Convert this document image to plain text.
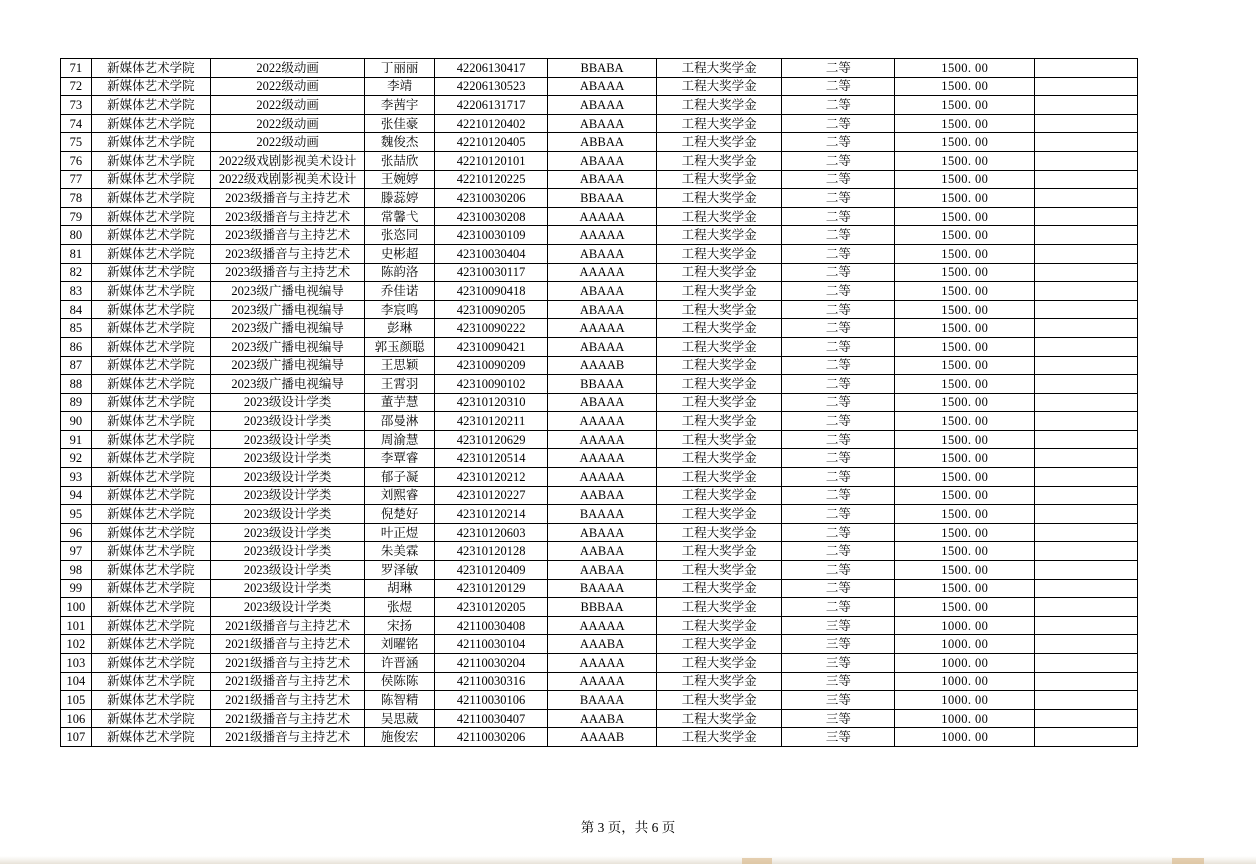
71	新媒体艺术学院	2022级动画	丁丽丽	42206130417	BBABA	工程大奖学金	二等	1500. 00	
72	新媒体艺术学院	2022级动画	李靖	42206130523	ABAAA	工程大奖学金	二等	1500. 00	
73	新媒体艺术学院	2022级动画	李茜宇	42206131717	ABAAA	工程大奖学金	二等	1500. 00	
74	新媒体艺术学院	2022级动画	张佳豪	42210120402	ABAAA	工程大奖学金	二等	1500. 00	
75	新媒体艺术学院	2022级动画	魏俊杰	42210120405	ABBAA	工程大奖学金	二等	1500. 00	
76	新媒体艺术学院	2022级戏剧影视美术设计	张喆欣	42210120101	ABAAA	工程大奖学金	二等	1500. 00	
77	新媒体艺术学院	2022级戏剧影视美术设计	王婉婷	42210120225	ABAAA	工程大奖学金	二等	1500. 00	
78	新媒体艺术学院	2023级播音与主持艺术	滕蕊婷	42310030206	BBAAA	工程大奖学金	二等	1500. 00	
79	新媒体艺术学院	2023级播音与主持艺术	常馨弋	42310030208	AAAAA	工程大奖学金	二等	1500. 00	
80	新媒体艺术学院	2023级播音与主持艺术	张恣同	42310030109	AAAAA	工程大奖学金	二等	1500. 00	
81	新媒体艺术学院	2023级播音与主持艺术	史彬超	42310030404	ABAAA	工程大奖学金	二等	1500. 00	
82	新媒体艺术学院	2023级播音与主持艺术	陈韵洛	42310030117	AAAAA	工程大奖学金	二等	1500. 00	
83	新媒体艺术学院	2023级广播电视编导	乔佳诺	42310090418	ABAAA	工程大奖学金	二等	1500. 00	
84	新媒体艺术学院	2023级广播电视编导	李宸鸣	42310090205	ABAAA	工程大奖学金	二等	1500. 00	
85	新媒体艺术学院	2023级广播电视编导	彭琳	42310090222	AAAAA	工程大奖学金	二等	1500. 00	
86	新媒体艺术学院	2023级广播电视编导	郭玉颜聪	42310090421	ABAAA	工程大奖学金	二等	1500. 00	
87	新媒体艺术学院	2023级广播电视编导	王思颖	42310090209	AAAAB	工程大奖学金	二等	1500. 00	
88	新媒体艺术学院	2023级广播电视编导	王霄羽	42310090102	BBAAA	工程大奖学金	二等	1500. 00	
89	新媒体艺术学院	2023级设计学类	董芋慧	42310120310	ABAAA	工程大奖学金	二等	1500. 00	
90	新媒体艺术学院	2023级设计学类	邵曼淋	42310120211	AAAAA	工程大奖学金	二等	1500. 00	
91	新媒体艺术学院	2023级设计学类	周渝慧	42310120629	AAAAA	工程大奖学金	二等	1500. 00	
92	新媒体艺术学院	2023级设计学类	李覃睿	42310120514	AAAAA	工程大奖学金	二等	1500. 00	
93	新媒体艺术学院	2023级设计学类	郁子凝	42310120212	AAAAA	工程大奖学金	二等	1500. 00	
94	新媒体艺术学院	2023级设计学类	刘熙睿	42310120227	AABAA	工程大奖学金	二等	1500. 00	
95	新媒体艺术学院	2023级设计学类	倪楚好	42310120214	BAAAA	工程大奖学金	二等	1500. 00	
96	新媒体艺术学院	2023级设计学类	叶正煜	42310120603	ABAAA	工程大奖学金	二等	1500. 00	
97	新媒体艺术学院	2023级设计学类	朱美霖	42310120128	AABAA	工程大奖学金	二等	1500. 00	
98	新媒体艺术学院	2023级设计学类	罗泽敏	42310120409	AABAA	工程大奖学金	二等	1500. 00	
99	新媒体艺术学院	2023级设计学类	胡琳	42310120129	BAAAA	工程大奖学金	二等	1500. 00	
100	新媒体艺术学院	2023级设计学类	张煜	42310120205	BBBAA	工程大奖学金	二等	1500. 00	
101	新媒体艺术学院	2021级播音与主持艺术	宋扬	42110030408	AAAAA	工程大奖学金	三等	1000. 00	
102	新媒体艺术学院	2021级播音与主持艺术	刘曜铭	42110030104	AAABA	工程大奖学金	三等	1000. 00	
103	新媒体艺术学院	2021级播音与主持艺术	许晋涵	42110030204	AAAAA	工程大奖学金	三等	1000. 00	
104	新媒体艺术学院	2021级播音与主持艺术	侯陈陈	42110030316	AAAAA	工程大奖学金	三等	1000. 00	
105	新媒体艺术学院	2021级播音与主持艺术	陈智精	42110030106	BAAAA	工程大奖学金	三等	1000. 00	
106	新媒体艺术学院	2021级播音与主持艺术	吴思葳	42110030407	AAABA	工程大奖学金	三等	1000. 00	
107	新媒体艺术学院	2021级播音与主持艺术	施俊宏	42110030206	AAAAB	工程大奖学金	三等	1000. 00	
第 3 页，共 6 页
